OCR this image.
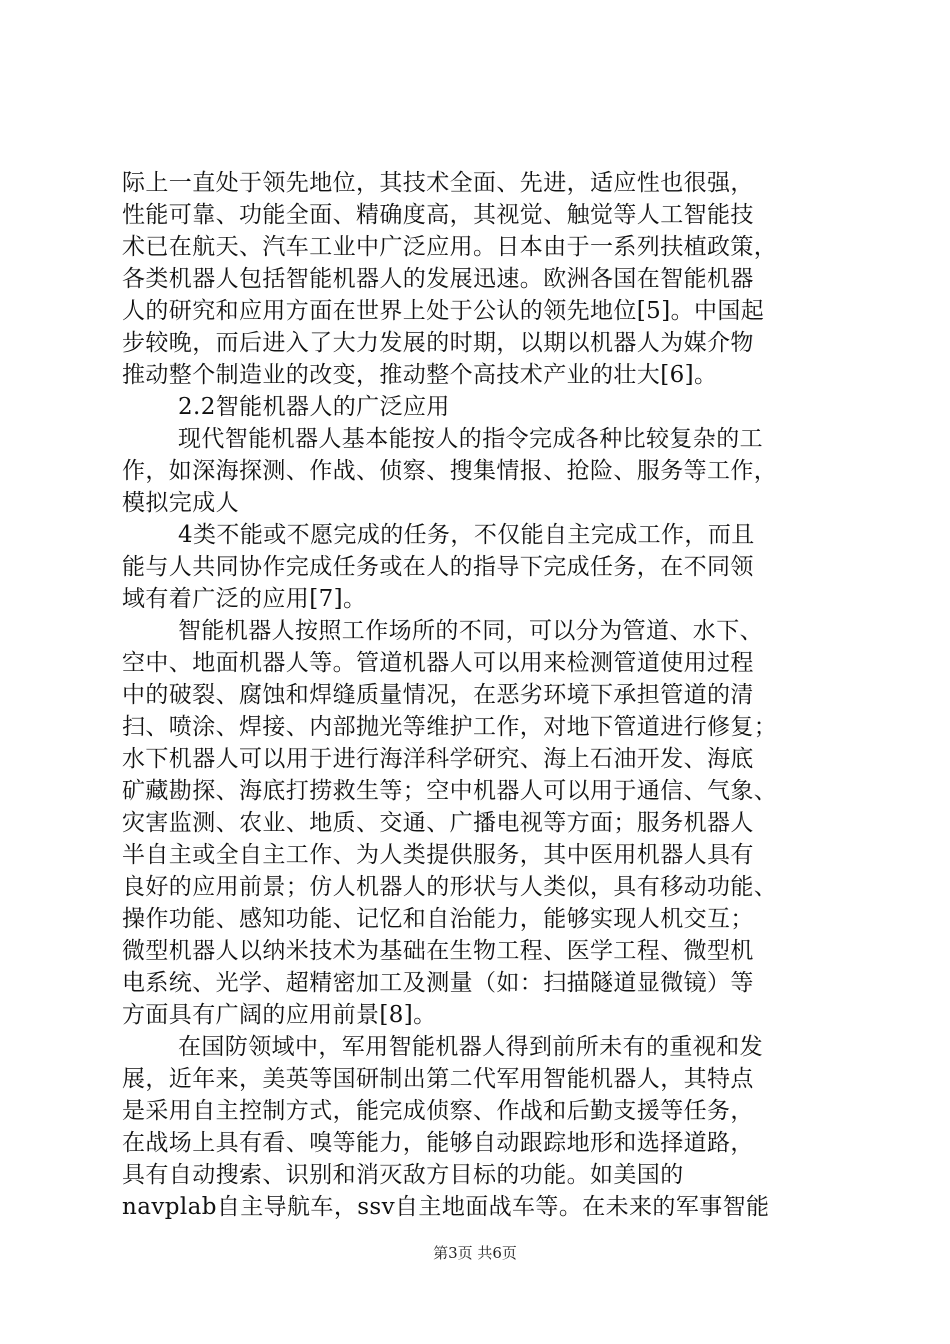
际上一直处于领先地位，其技术全面、先进，适应性也很强，
性能可靠、功能全面、精确度高，其视觉、触觉等人工智能技
术已在航天、汽车工业中广泛应用。日本由于一系列扶植政策，
各类机器人包括智能机器人的发展迅速。欧洲各国在智能机器
人的研究和应用方面在世界上处于公认的领先地位[5]。中国起
步较晚，而后进入了大力发展的时期，以期以机器人为媒介物
推动整个制造业的改变，推动整个高技术产业的壮大[6]。
2.2智能机器人的广泛应用
现代智能机器人基本能按人的指令完成各种比较复杂的工
作，如深海探测、作战、侦察、搜集情报、抢险、服务等工作，
模拟完成人
4类不能或不愿完成的任务，不仅能自主完成工作，而且
能与人共同协作完成任务或在人的指导下完成任务，在不同领
域有着广泛的应用[7]。
智能机器人按照工作场所的不同，可以分为管道、水下、
空中、地面机器人等。管道机器人可以用来检测管道使用过程
中的破裂、腐蚀和焊缝质量情况，在恶劣环境下承担管道的清
扫、喷涂、焊接、内部抛光等维护工作，对地下管道进行修复；
水下机器人可以用于进行海洋科学研究、海上石油开发、海底
矿藏勘探、海底打捞救生等；空中机器人可以用于通信、气象、
灾害监测、农业、地质、交通、广播电视等方面；服务机器人
半自主或全自主工作、为人类提供服务，其中医用机器人具有
良好的应用前景；仿人机器人的形状与人类似，具有移动功能、
操作功能、感知功能、记忆和自治能力，能够实现人机交互；
微型机器人以纳米技术为基础在生物工程、医学工程、微型机
电系统、光学、超精密加工及测量（如：扫描隧道显微镜）等
方面具有广阔的应用前景[8]。
在国防领域中，军用智能机器人得到前所未有的重视和发
展，近年来，美英等国研制出第二代军用智能机器人，其特点
是采用自主控制方式，能完成侦察、作战和后勤支援等任务，
在战场上具有看、嗅等能力，能够自动跟踪地形和选择道路，
具有自动搜索、识别和消灭敌方目标的功能。如美国的
navplab自主导航车，ssv自主地面战车等。在未来的军事智能
第3页 共6页
